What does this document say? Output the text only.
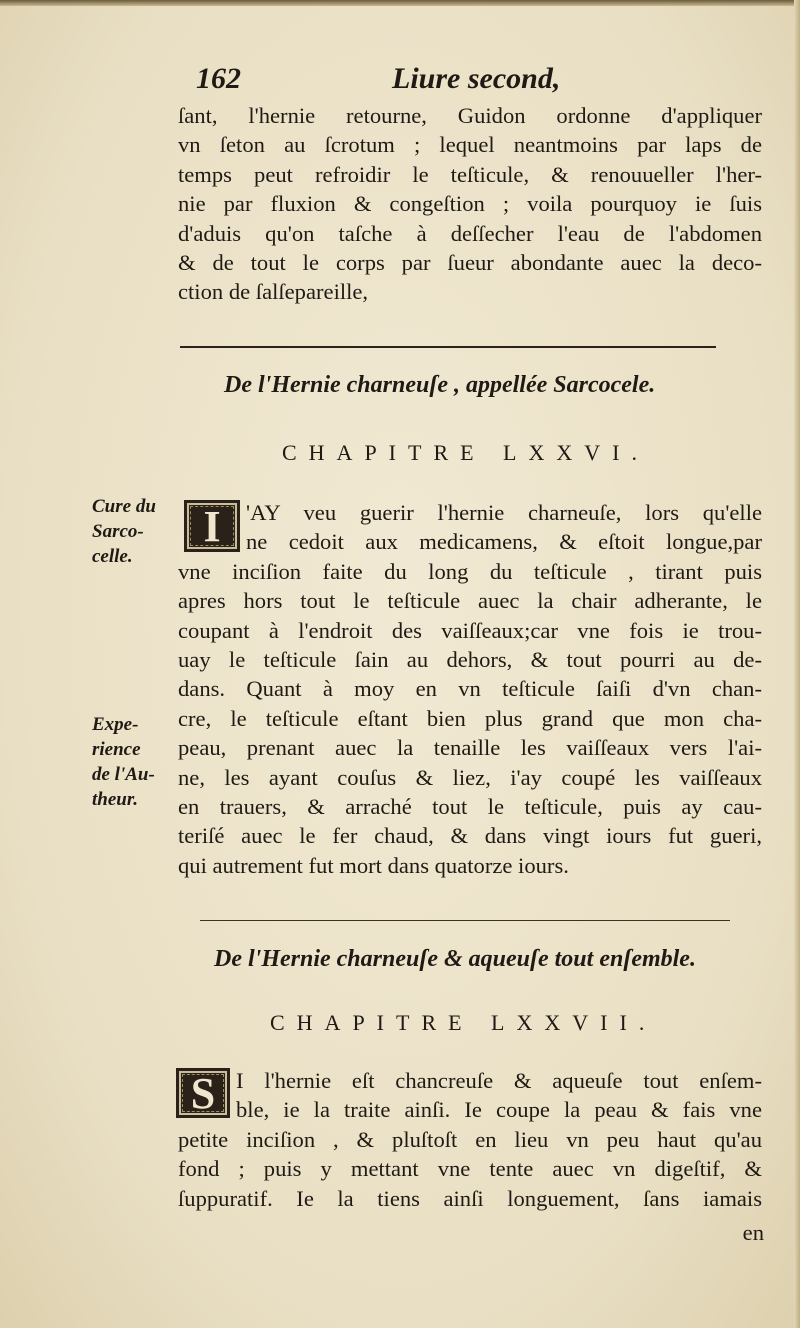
162	Liure second,
ſant, l'hernie retourne, Guidon ordonne d'appliquer
vn ſeton au ſcrotum ; lequel neantmoins par laps de
temps peut refroidir le teſticule, & renouueller l'her-
nie par fluxion & congeſtion ; voila pourquoy ie ſuis
d'aduis qu'on taſche à deſſecher l'eau de l'abdomen
& de tout le corps par ſueur abondante auec la deco-
ction de ſalſepareille,
De l'Hernie charneuſe , appellée Sarcocele.
CHAPITRE LXXVI.
Cure du
Sarco-
celle.
Expe-
rience
de l'Au-
theur.
I 'AY veu guerir l'hernie charneuſe, lors qu'elle
ne cedoit aux medicamens, & eſtoit longue,par
vne inciſion faite du long du teſticule , tirant puis
apres hors tout le teſticule auec la chair adherante, le
coupant à l'endroit des vaiſſeaux;car vne fois ie trou-
uay le teſticule ſain au dehors, & tout pourri au de-
dans. Quant à moy en vn teſticule ſaiſi d'vn chan-
cre, le teſticule eſtant bien plus grand que mon cha-
peau, prenant auec la tenaille les vaiſſeaux vers l'ai-
ne, les ayant couſus & liez, i'ay coupé les vaiſſeaux
en trauers, & arraché tout le teſticule, puis ay cau-
teriſé auec le fer chaud, & dans vingt iours fut gueri,
qui autrement fut mort dans quatorze iours.
De l'Hernie charneuſe & aqueuſe tout enſemble.
CHAPITRE LXXVII.
S I l'hernie eſt chancreuſe & aqueuſe tout enſem-
ble, ie la traite ainſi. Ie coupe la peau & fais vne
petite inciſion , & pluſtoſt en lieu vn peu haut qu'au
fond ; puis y mettant vne tente auec vn digeſtif, &
ſuppuratif. Ie la tiens ainſi longuement, ſans iamais
en
